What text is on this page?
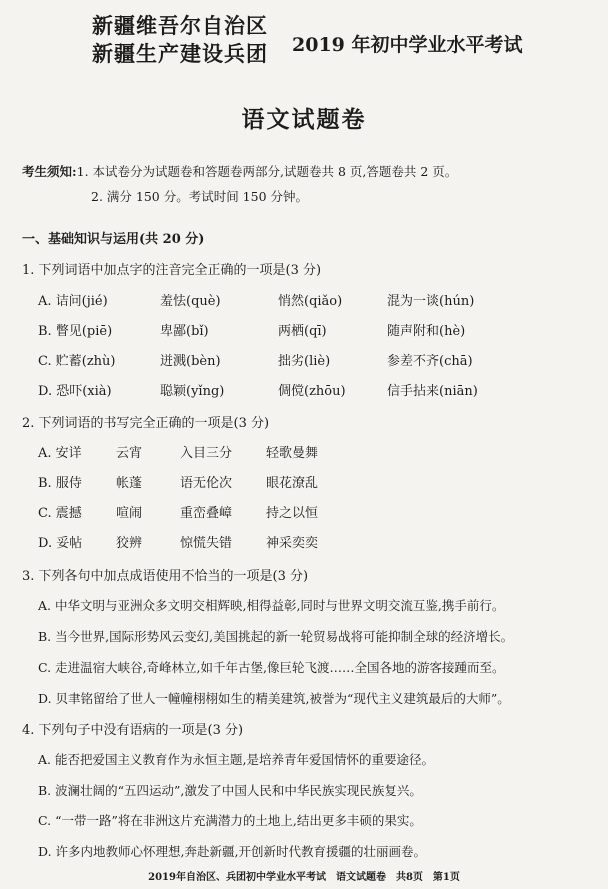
新疆维吾尔自治区
新疆生产建设兵团 2019 年初中学业水平考试
语文试题卷
考生须知:1. 本试卷分为试题卷和答题卷两部分,试题卷共 8 页,答题卷共 2 页。
2. 满分 150 分。考试时间 150 分钟。
一、基础知识与运用(共 20 分)
1. 下列词语中加点字的注音完全正确的一项是(3 分)
A. 诘问(jié)	羞怯(què)	悄然(qiǎo)	混为一谈(hún)
B. 瞥见(piē)	卑鄙(bǐ)	两栖(qī)	随声附和(hè)
C. 贮蓄(zhù)	迸溅(bèn)	拙劣(liè)	参差不齐(chā)
D. 恐吓(xià)	聪颖(yǐng)	倜傥(zhōu)	信手拈来(niān)
2. 下列词语的书写完全正确的一项是(3 分)
A. 安详	云宵	入目三分	轻歌曼舞
B. 服侍	帐蓬	语无伦次	眼花潦乱
C. 震撼	喧闹	重峦叠嶂	持之以恒
D. 妥帖	狡辨	惊慌失错	神采奕奕
3. 下列各句中加点成语使用不恰当的一项是(3 分)
A. 中华文明与亚洲众多文明交相辉映,相得益彰,同时与世界文明交流互鉴,携手前行。
B. 当今世界,国际形势风云变幻,美国挑起的新一轮贸易战将可能抑制全球的经济增长。
C. 走进温宿大峡谷,奇峰林立,如千年古堡,像巨轮飞渡……全国各地的游客接踵而至。
D. 贝聿铭留给了世人一幢幢栩栩如生的精美建筑,被誉为“现代主义建筑最后的大师”。
4. 下列句子中没有语病的一项是(3 分)
A. 能否把爱国主义教育作为永恒主题,是培养青年爱国情怀的重要途径。
B. 波澜壮阔的“五四运动”,激发了中国人民和中华民族实现民族复兴。
C. “一带一路”将在非洲这片充满潜力的土地上,结出更多丰硕的果实。
D. 许多内地教师心怀理想,奔赴新疆,开创新时代教育援疆的壮丽画卷。
2019年自治区、兵团初中学业水平考试　语文试题卷　共8页　第1页
